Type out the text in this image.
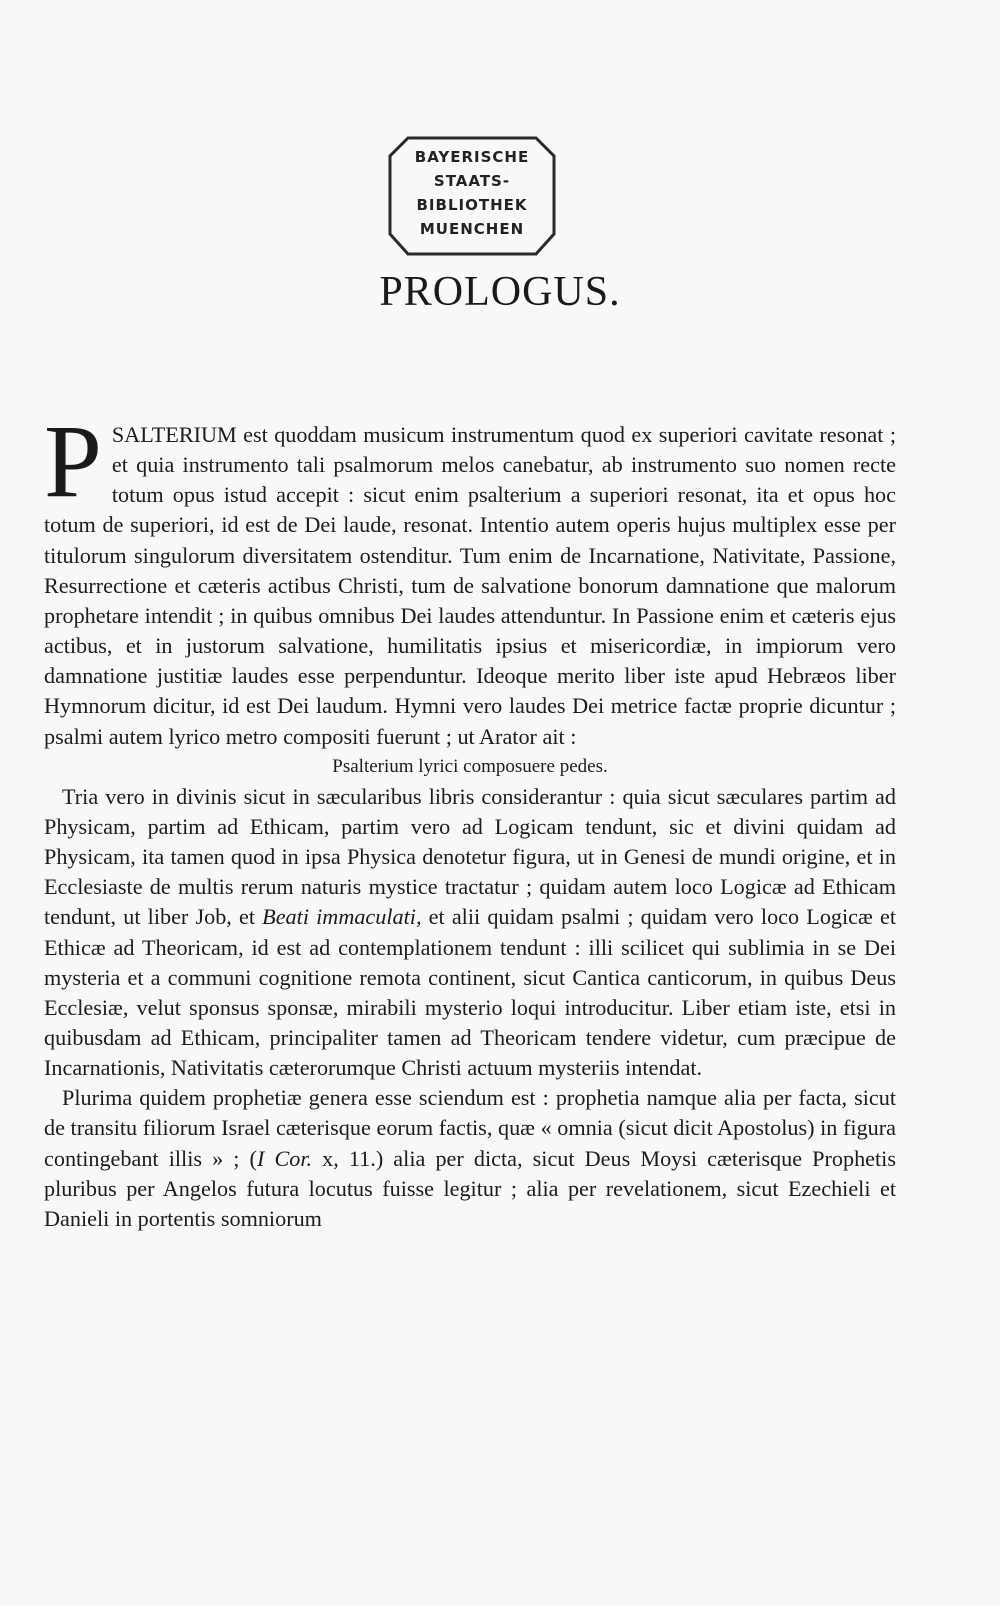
BAYERISCHE
STAATS-
BIBLIOTHEK
MUENCHEN
PROLOGUS.

PSALTERIUM est quoddam musicum instrumentum quod ex superiori cavitate resonat ; et quia instrumento tali psalmorum melos canebatur, ab instrumento suo nomen recte totum opus istud accepit : sicut enim psalterium a superiori resonat, ita et opus hoc totum de superiori, id est de Dei laude, resonat. Intentio autem operis hujus multiplex esse per titulorum singulorum diversitatem ostenditur. Tum enim de Incarnatione, Nativitate, Passione, Resurrectione et cæteris actibus Christi, tum de salvatione bonorum damnatione que malorum prophetare intendit ; in quibus omnibus Dei laudes attenduntur. In Passione enim et cæteris ejus actibus, et in justorum salvatione, humilitatis ipsius et misericordiæ, in impiorum vero damnatione justitiæ laudes esse perpenduntur. Ideoque merito liber iste apud Hebræos liber Hymnorum dicitur, id est Dei laudum. Hymni vero laudes Dei metrice factæ proprie dicuntur ; psalmi autem lyrico metro compositi fuerunt ; ut Arator ait :

Psalterium lyrici composuere pedes.

Tria vero in divinis sicut in sæcularibus libris considerantur : quia sicut sæculares partim ad Physicam, partim ad Ethicam, partim vero ad Logicam tendunt, sic et divini quidam ad Physicam, ita tamen quod in ipsa Physica denotetur figura, ut in Genesi de mundi origine, et in Ecclesiaste de multis rerum naturis mystice tractatur ; quidam autem loco Logicæ ad Ethicam tendunt, ut liber Job, et Beati immaculati, et alii quidam psalmi ; quidam vero loco Logicæ et Ethicæ ad Theoricam, id est ad contemplationem tendunt : illi scilicet qui sublimia in se Dei mysteria et a communi cognitione remota continent, sicut Cantica canticorum, in quibus Deus Ecclesiæ, velut sponsus sponsæ, mirabili mysterio loqui introducitur. Liber etiam iste, etsi in quibusdam ad Ethicam, principaliter tamen ad Theoricam tendere videtur, cum præcipue de Incarnationis, Nativitatis cæterorumque Christi actuum mysteriis intendat.

Plurima quidem prophetiæ genera esse sciendum est : prophetia namque alia per facta, sicut de transitu filiorum Israel cæterisque eorum factis, quæ « omnia (sicut dicit Apostolus) in figura contingebant illis » ; (I Cor. x, 11.) alia per dicta, sicut Deus Moysi cæterisque Prophetis pluribus per Angelos futura locutus fuisse legitur ; alia per revelationem, sicut Ezechieli et Danieli in portentis somniorum
